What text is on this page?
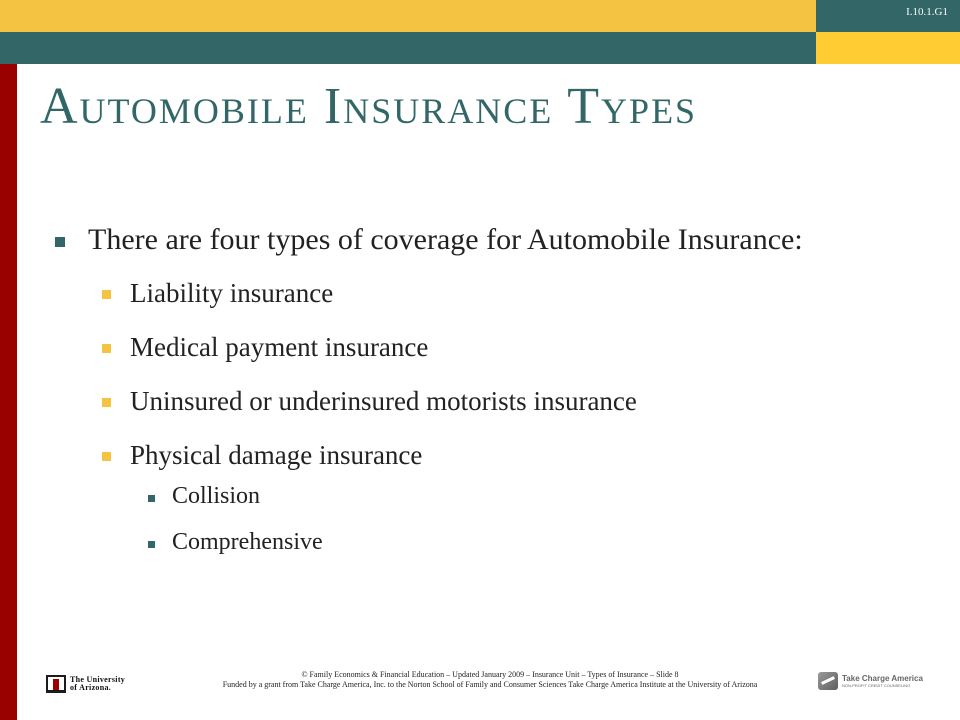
I.10.1.G1
Automobile Insurance Types
There are four types of coverage for Automobile Insurance:
Liability insurance
Medical payment insurance
Uninsured or underinsured motorists insurance
Physical damage insurance
Collision
Comprehensive
The University
of Arizona.
© Family Economics & Financial Education – Updated January 2009 – Insurance Unit – Types of Insurance – Slide 8
Funded by a grant from Take Charge America, Inc. to the Norton School of Family and Consumer Sciences Take Charge America Institute at the University of Arizona
Take Charge America
NON-PROFIT CREDIT COUNSELING
